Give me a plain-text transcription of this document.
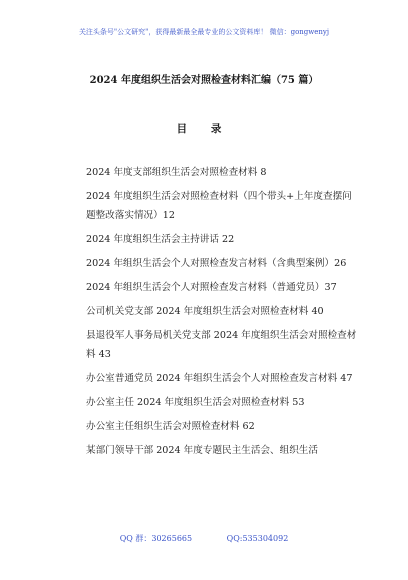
关注头条号"公文研究"，获得最新最全最专业的公文资料库！ 微信：gongwenyj
2024 年度组织生活会对照检查材料汇编（75 篇）
目 录
2024 年度支部组织生活会对照检查材料 8
2024 年度组织生活会对照检查材料（四个带头+上年度查摆问题整改落实情况）12
2024 年度组织生活会主持讲话 22
2024 年组织生活会个人对照检查发言材料（含典型案例）26
2024 年组织生活会个人对照检查发言材料（普通党员）37
公司机关党支部 2024 年度组织生活会对照检查材料 40
县退役军人事务局机关党支部 2024 年度组织生活会对照检查材料 43
办公室普通党员 2024 年组织生活会个人对照检查发言材料 47
办公室主任 2024 年度组织生活会对照检查材料 53
办公室主任组织生活会对照检查材料 62
某部门领导干部 2024 年度专题民主生活会、组织生活
QQ 群：30265665	QQ:535304092
